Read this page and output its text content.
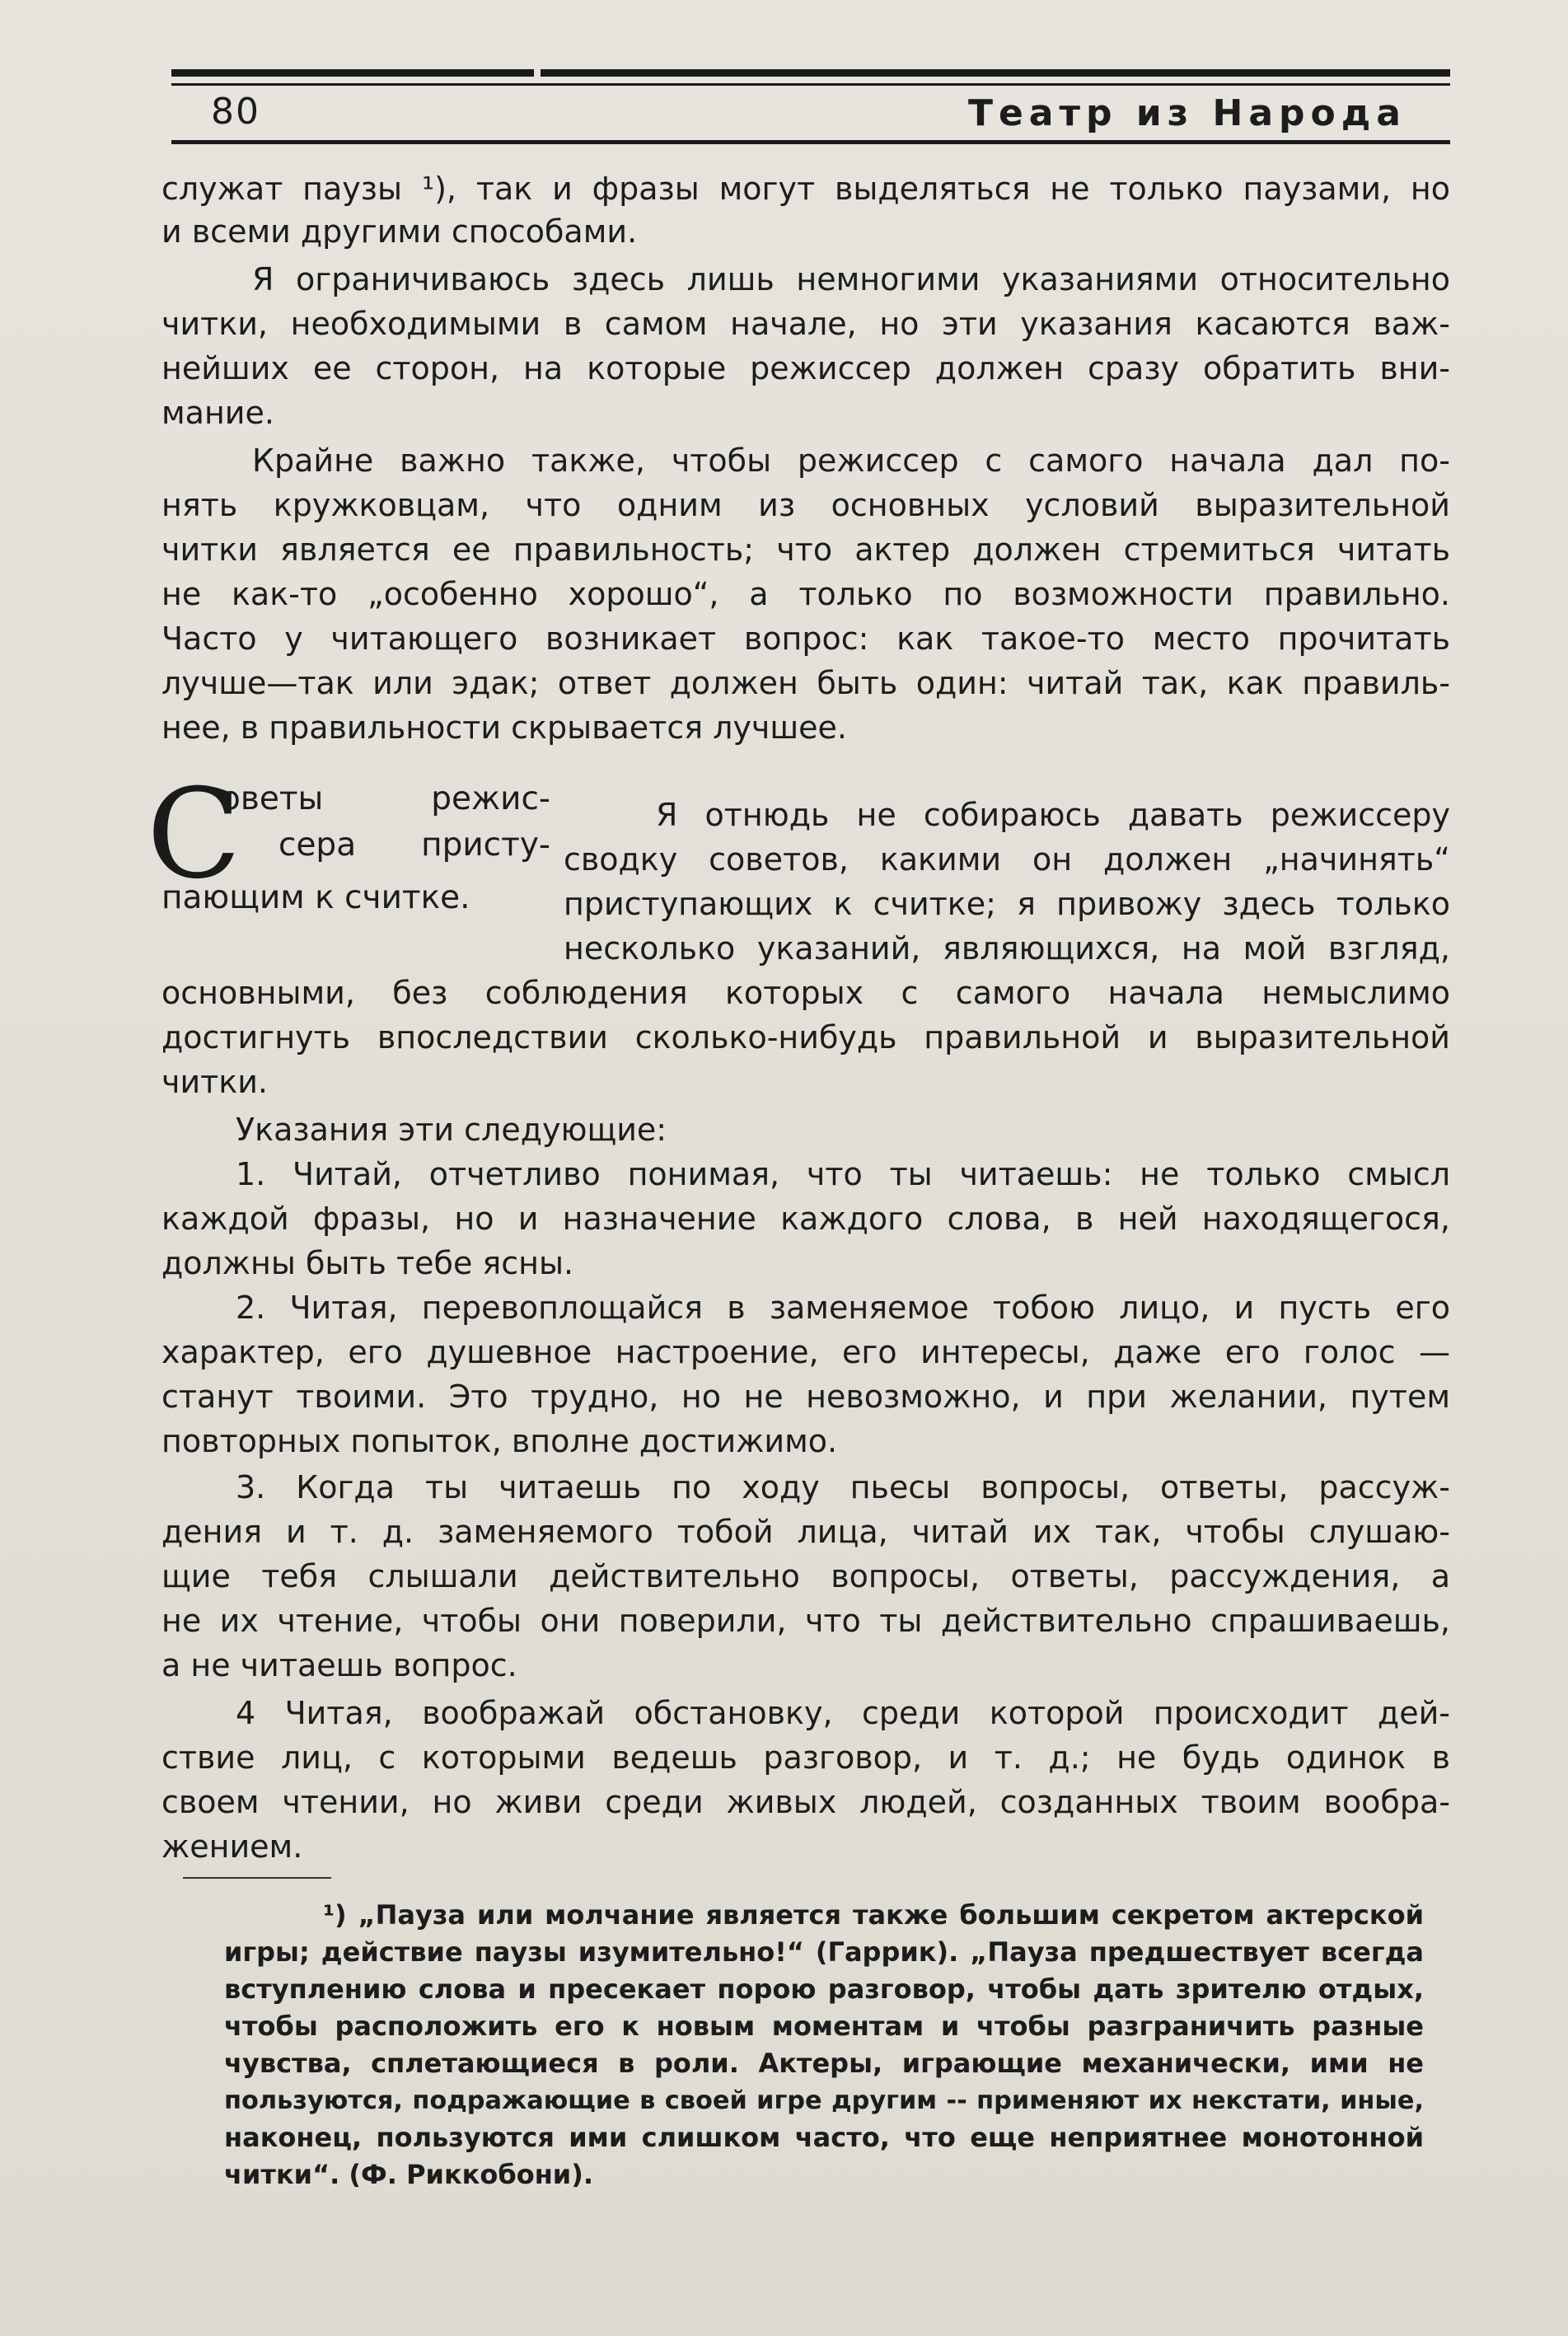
80	Театр из Народа
служат паузы ¹), так и фразы могут выделяться не только паузами, но
и всеми другими способами.
Я ограничиваюсь здесь лишь немногими указаниями относительно
читки, необходимыми в самом начале, но эти указания касаются важ-
нейших ее сторон, на которые режиссер должен сразу обратить вни-
мание.
Крайне важно также, чтобы режиссер с самого начала дал по-
нять кружковцам, что одним из основных условий выразительной
читки является ее правильность; что актер должен стремиться читать
не как-то „особенно хорошо“, а только по возможности правильно.
Часто у читающего возникает вопрос: как такое-то место прочитать
лучше—так или эдак; ответ должен быть один: читай так, как правиль-
нее, в правильности скрывается лучшее.
С
оветы режис-
сера присту-
пающим к считке.
Я отнюдь не собираюсь давать режиссеру
сводку советов, какими он должен „начинять“
приступающих к считке; я привожу здесь только
несколько указаний, являющихся, на мой взгляд,
основными, без соблюдения которых с самого начала немыслимо
достигнуть впоследствии сколько-нибудь правильной и выразительной
читки.
Указания эти следующие:
1. Читай, отчетливо понимая, что ты читаешь: не только смысл
каждой фразы, но и назначение каждого слова, в ней находящегося,
должны быть тебе ясны.
2. Читая, перевоплощайся в заменяемое тобою лицо, и пусть его
характер, его душевное настроение, его интересы, даже его голос —
станут твоими. Это трудно, но не невозможно, и при желании, путем
повторных попыток, вполне достижимо.
3. Когда ты читаешь по ходу пьесы вопросы, ответы, рассуж-
дения и т. д. заменяемого тобой лица, читай их так, чтобы слушаю-
щие тебя слышали действительно вопросы, ответы, рассуждения, а
не их чтение, чтобы они поверили, что ты действительно спрашиваешь,
а не читаешь вопрос.
4 Читая, воображай обстановку, среди которой происходит дей-
ствие лиц, с которыми ведешь разговор, и т. д.; не будь одинок в
своем чтении, но живи среди живых людей, созданных твоим вообра-
жением.
¹) „Пауза или молчание является также большим секретом актерской
игры; действие паузы изумительно!“ (Гаррик). „Пауза предшествует всегда
вступлению слова и пресекает порою разговор, чтобы дать зрителю отдых,
чтобы расположить его к новым моментам и чтобы разграничить разные
чувства, сплетающиеся в роли. Актеры, играющие механически, ими не
пользуются, подражающие в своей игре другим -- применяют их некстати, иные,
наконец, пользуются ими слишком часто, что еще неприятнее монотонной
читки“. (Ф. Риккобони).
